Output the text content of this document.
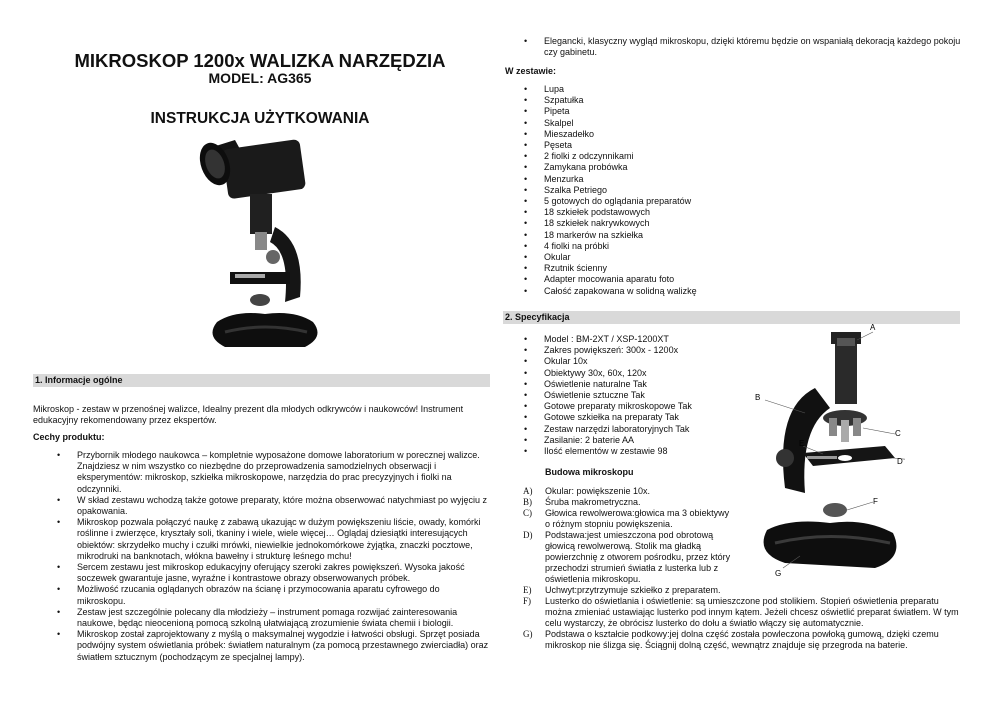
MIKROSKOP 1200x WALIZKA NARZĘDZIA
MODEL: AG365
INSTRUKCJA UŻYTKOWANIA
1. Informacje ogólne
Mikroskop - zestaw w przenośnej walizce, Idealny prezent dla młodych odkrywców i naukowców! Instrument edukacyjny rekomendowany przez ekspertów.
Cechy produktu:
• Przybornik młodego naukowca – kompletnie wyposażone domowe laboratorium w porecznej walizce. Znajdziesz w nim wszystko co niezbędne do przeprowadzenia samodzielnych obserwacji i eksperymentów: mikroskop, szkiełka mikroskopowe, narzędzia do prac precyzyjnych i fiolki na odczynniki.
• W skład zestawu wchodzą także gotowe preparaty, które można obserwować natychmiast po wyjęciu z opakowania.
• Mikroskop pozwala połączyć naukę z zabawą ukazując w dużym powiększeniu liście, owady, komórki roślinne i zwierzęce, kryształy soli, tkaniny i wiele, wiele więcej… Oglądaj dziesiątki interesujących obiektów: skrzydełko muchy i czułki mrówki, niewielkie jednokomórkowe żyjątka, znaczki pocztowe, mikrodruki na banknotach, włókna bawełny i strukturę leśnego mchu!
• Sercem zestawu jest mikroskop edukacyjny oferujący szeroki zakres powiększeń. Wysoka jakość soczewek gwarantuje jasne, wyraźne i kontrastowe obrazy obserwowanych próbek.
• Możliwość rzucania oglądanych obrazów na ścianę i przymocowania aparatu cyfrowego do mikroskopu.
• Zestaw jest szczególnie polecany dla młodzieży – instrument pomaga rozwijać zainteresowania naukowe, będąc nieocenioną pomocą szkolną ułatwiającą zrozumienie świata chemii i biologii.
• Mikroskop został zaprojektowany z myślą o maksymalnej wygodzie i łatwości obsługi. Sprzęt posiada podwójny system oświetlania próbek: światłem naturalnym (za pomocą przestawnego zwierciadła) oraz światłem sztucznym (pochodzącym ze specjalnej lampy).
• Elegancki, klasyczny wygląd mikroskopu, dzięki któremu będzie on wspaniałą dekoracją każdego pokoju czy gabinetu.
W zestawie:
• Lupa
• Szpatułka
• Pipeta
• Skalpel
• Mieszadełko
• Pęseta
• 2 fiolki z odczynnikami
• Zamykana probówka
• Menzurka
• Szalka Petriego
• 5 gotowych do oglądania preparatów
• 18 szkiełek podstawowych
• 18 szkiełek nakrywkowych
• 18 markerów na szkiełka
• 4 fiolki na próbki
• Okular
• Rzutnik ścienny
• Adapter mocowania aparatu foto
• Całość zapakowana w solidną walizkę
2. Specyfikacja
• Model : BM-2XT / XSP-1200XT
• Zakres powiększeń: 300x - 1200x
• Okular 10x
• Obiektywy 30x, 60x, 120x
• Oświetlenie naturalne Tak
• Oświetlenie sztuczne Tak
• Gotowe preparaty mikroskopowe Tak
• Gotowe szkiełka na preparaty Tak
• Zestaw narzędzi laboratoryjnych Tak
• Zasilanie: 2 baterie AA
• Ilość elementów w zestawie 98
Budowa mikroskopu
A) Okular: powiększenie 10x.
B) Śruba makrometryczna.
C) Głowica rewolwerowa:głowica ma 3 obiektywy o różnym stopniu powiększenia.
D) Podstawa:jest umieszczona pod obrotową głowicą rewolwerową. Stolik ma gładką powierzchnię z otworem pośrodku, przez który przechodzi strumień światła z lusterka lub z oświetlenia mikroskopu.
E) Uchwyt:przytrzymuje szkiełko z preparatem.
F) Lusterko do oświetlania i oświetlenie: są umieszczone pod stolikiem. Stopień oświetlenia preparatu można zmieniać ustawiając lusterko pod innym kątem. Jeżeli chcesz oświetlić preparat światłem. W tym celu wystarczy, że obrócisz lusterko do dołu a światło włączy się automatycznie.
G) Podstawa o kształcie podkowy:jej dolna część została powleczona powłoką gumową, dzięki czemu mikroskop nie ślizga się. Ściągnij dolną część, wewnątrz znajduje się przegroda na baterie.
A
B
C
D
E
F
G
